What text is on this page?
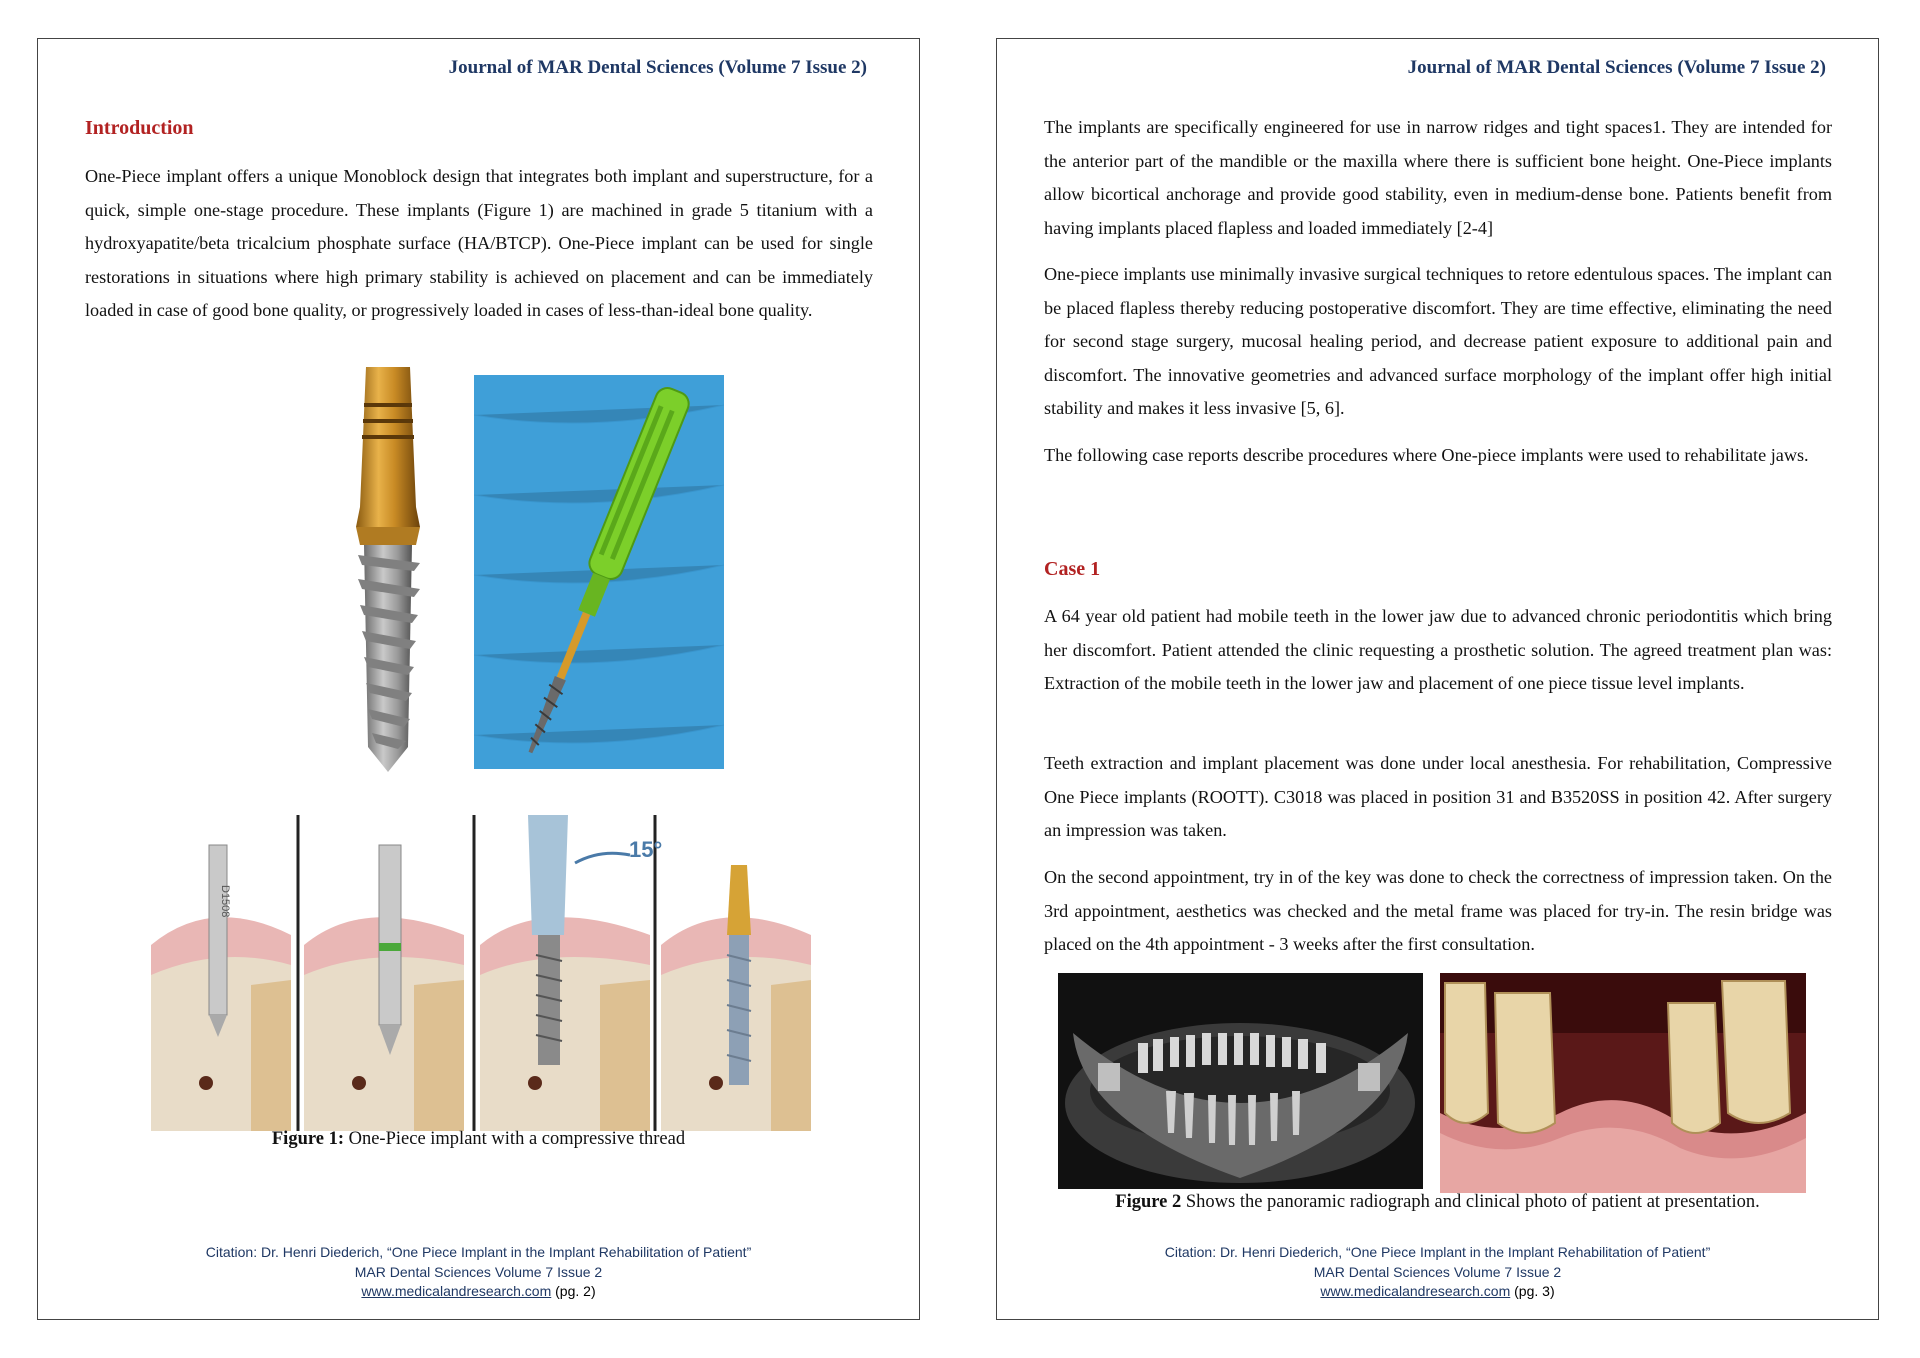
Journal of MAR Dental Sciences (Volume 7 Issue 2)
Introduction

One-Piece implant offers a unique Monoblock design that integrates both implant and superstructure, for a quick, simple one-stage procedure. These implants (Figure 1) are machined in grade 5 titanium with a hydroxyapatite/beta tricalcium phosphate surface (HA/BTCP). One-Piece implant can be used for single restorations in situations where high primary stability is achieved on placement and can be immediately loaded in case of good bone quality, or progressively loaded in cases of less-than-ideal bone quality.

D1508
15°
Figure 1: One-Piece implant with a compressive thread
Citation: Dr. Henri Diederich, “One Piece Implant in the Implant Rehabilitation of Patient”
MAR Dental Sciences Volume 7 Issue 2
www.medicalandresearch.com (pg. 2)
Journal of MAR Dental Sciences (Volume 7 Issue 2)

The implants are specifically engineered for use in narrow ridges and tight spaces1. They are intended for the anterior part of the mandible or the maxilla where there is sufficient bone height. One-Piece implants allow bicortical anchorage and provide good stability, even in medium-dense bone. Patients benefit from having implants placed flapless and loaded immediately [2-4]

One-piece implants use minimally invasive surgical techniques to retore edentulous spaces. The implant can be placed flapless thereby reducing postoperative discomfort. They are time effective, eliminating the need for second stage surgery, mucosal healing period, and decrease patient exposure to additional pain and discomfort. The innovative geometries and advanced surface morphology of the implant offer high initial stability and makes it less invasive [5, 6].

The following case reports describe procedures where One-piece implants were used to rehabilitate jaws.

Case 1

A 64 year old patient had mobile teeth in the lower jaw due to advanced chronic periodontitis which bring her discomfort. Patient attended the clinic requesting a prosthetic solution. The agreed treatment plan was: Extraction of the mobile teeth in the lower jaw and placement of one piece tissue level implants.

Teeth extraction and implant placement was done under local anesthesia. For rehabilitation, Compressive One Piece implants (ROOTT). C3018 was placed in position 31 and B3520SS in position 42. After surgery an impression was taken.

On the second appointment, try in of the key was done to check the correctness of impression taken. On the 3rd appointment, aesthetics was checked and the metal frame was placed for try-in. The resin bridge was placed on the 4th appointment - 3 weeks after the first consultation.

Figure 2 Shows the panoramic radiograph and clinical photo of patient at presentation.
Citation: Dr. Henri Diederich, “One Piece Implant in the Implant Rehabilitation of Patient”
MAR Dental Sciences Volume 7 Issue 2
www.medicalandresearch.com (pg. 3)
